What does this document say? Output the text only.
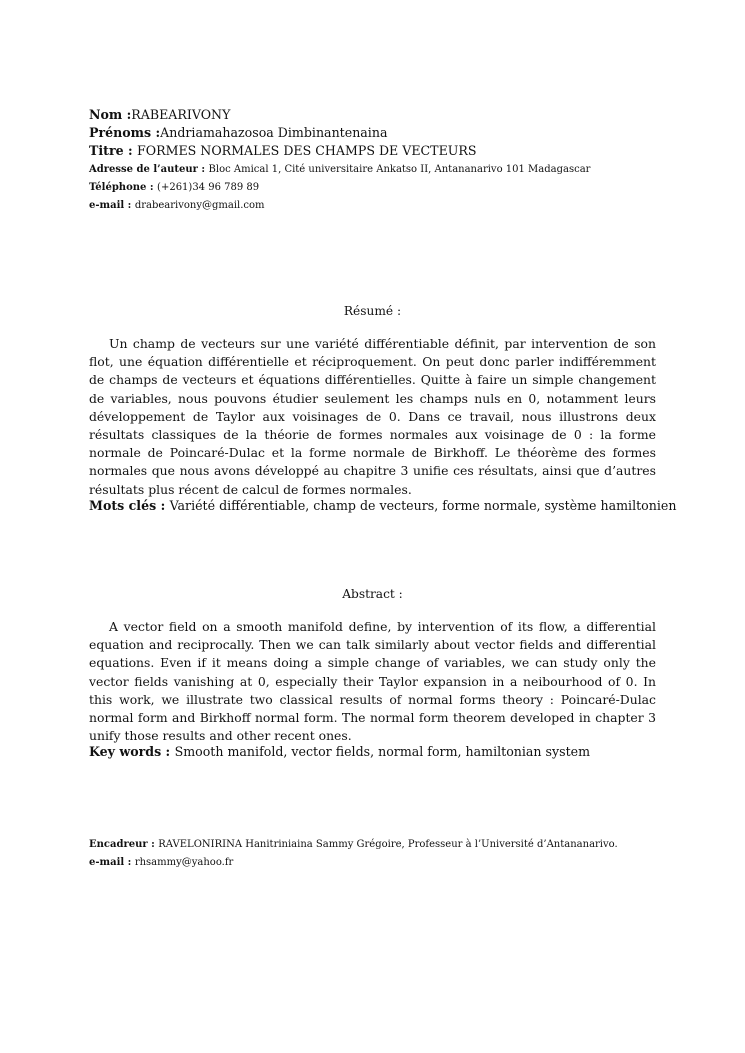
Nom :RABEARIVONY
Prénoms :Andriamahazosoa Dimbinantenaina
Titre : FORMES NORMALES DES CHAMPS DE VECTEURS
Adresse de l’auteur : Bloc Amical 1, Cité universitaire Ankatso II, Antananarivo 101 Madagascar
Téléphone : (+261)34 96 789 89
e-mail : drabearivony@gmail.com
Résumé :
Un champ de vecteurs sur une variété différentiable définit, par intervention de son flot, une équation différentielle et réciproquement. On peut donc parler indifféremment de champs de vecteurs et équations différentielles. Quitte à faire un simple changement de variables, nous pouvons étudier seulement les champs nuls en 0, notamment leurs développement de Taylor aux voisinages de 0. Dans ce travail, nous illustrons deux résultats classiques de la théorie de formes normales aux voisinage de 0 : la forme normale de Poincaré-Dulac et la forme normale de Birkhoff. Le théorème des formes normales que nous avons développé au chapitre 3 unifie ces résultats, ainsi que d’autres résultats plus récent de calcul de formes normales.
Mots clés : Variété différentiable, champ de vecteurs, forme normale, système hamiltonien
Abstract :
A vector field on a smooth manifold define, by intervention of its flow, a differential equation and reciprocally. Then we can talk similarly about vector fields and differential equations. Even if it means doing a simple change of variables, we can study only the vector fields vanishing at 0, especially their Taylor expansion in a neibourhood of 0. In this work, we illustrate two classical results of normal forms theory : Poincaré-Dulac normal form and Birkhoff normal form. The normal form theorem developed in chapter 3 unify those results and other recent ones.
Key words : Smooth manifold, vector fields, normal form, hamiltonian system
Encadreur : RAVELONIRINA Hanitriniaina Sammy Grégoire, Professeur à l’Université d’Antananarivo.
e-mail : rhsammy@yahoo.fr
